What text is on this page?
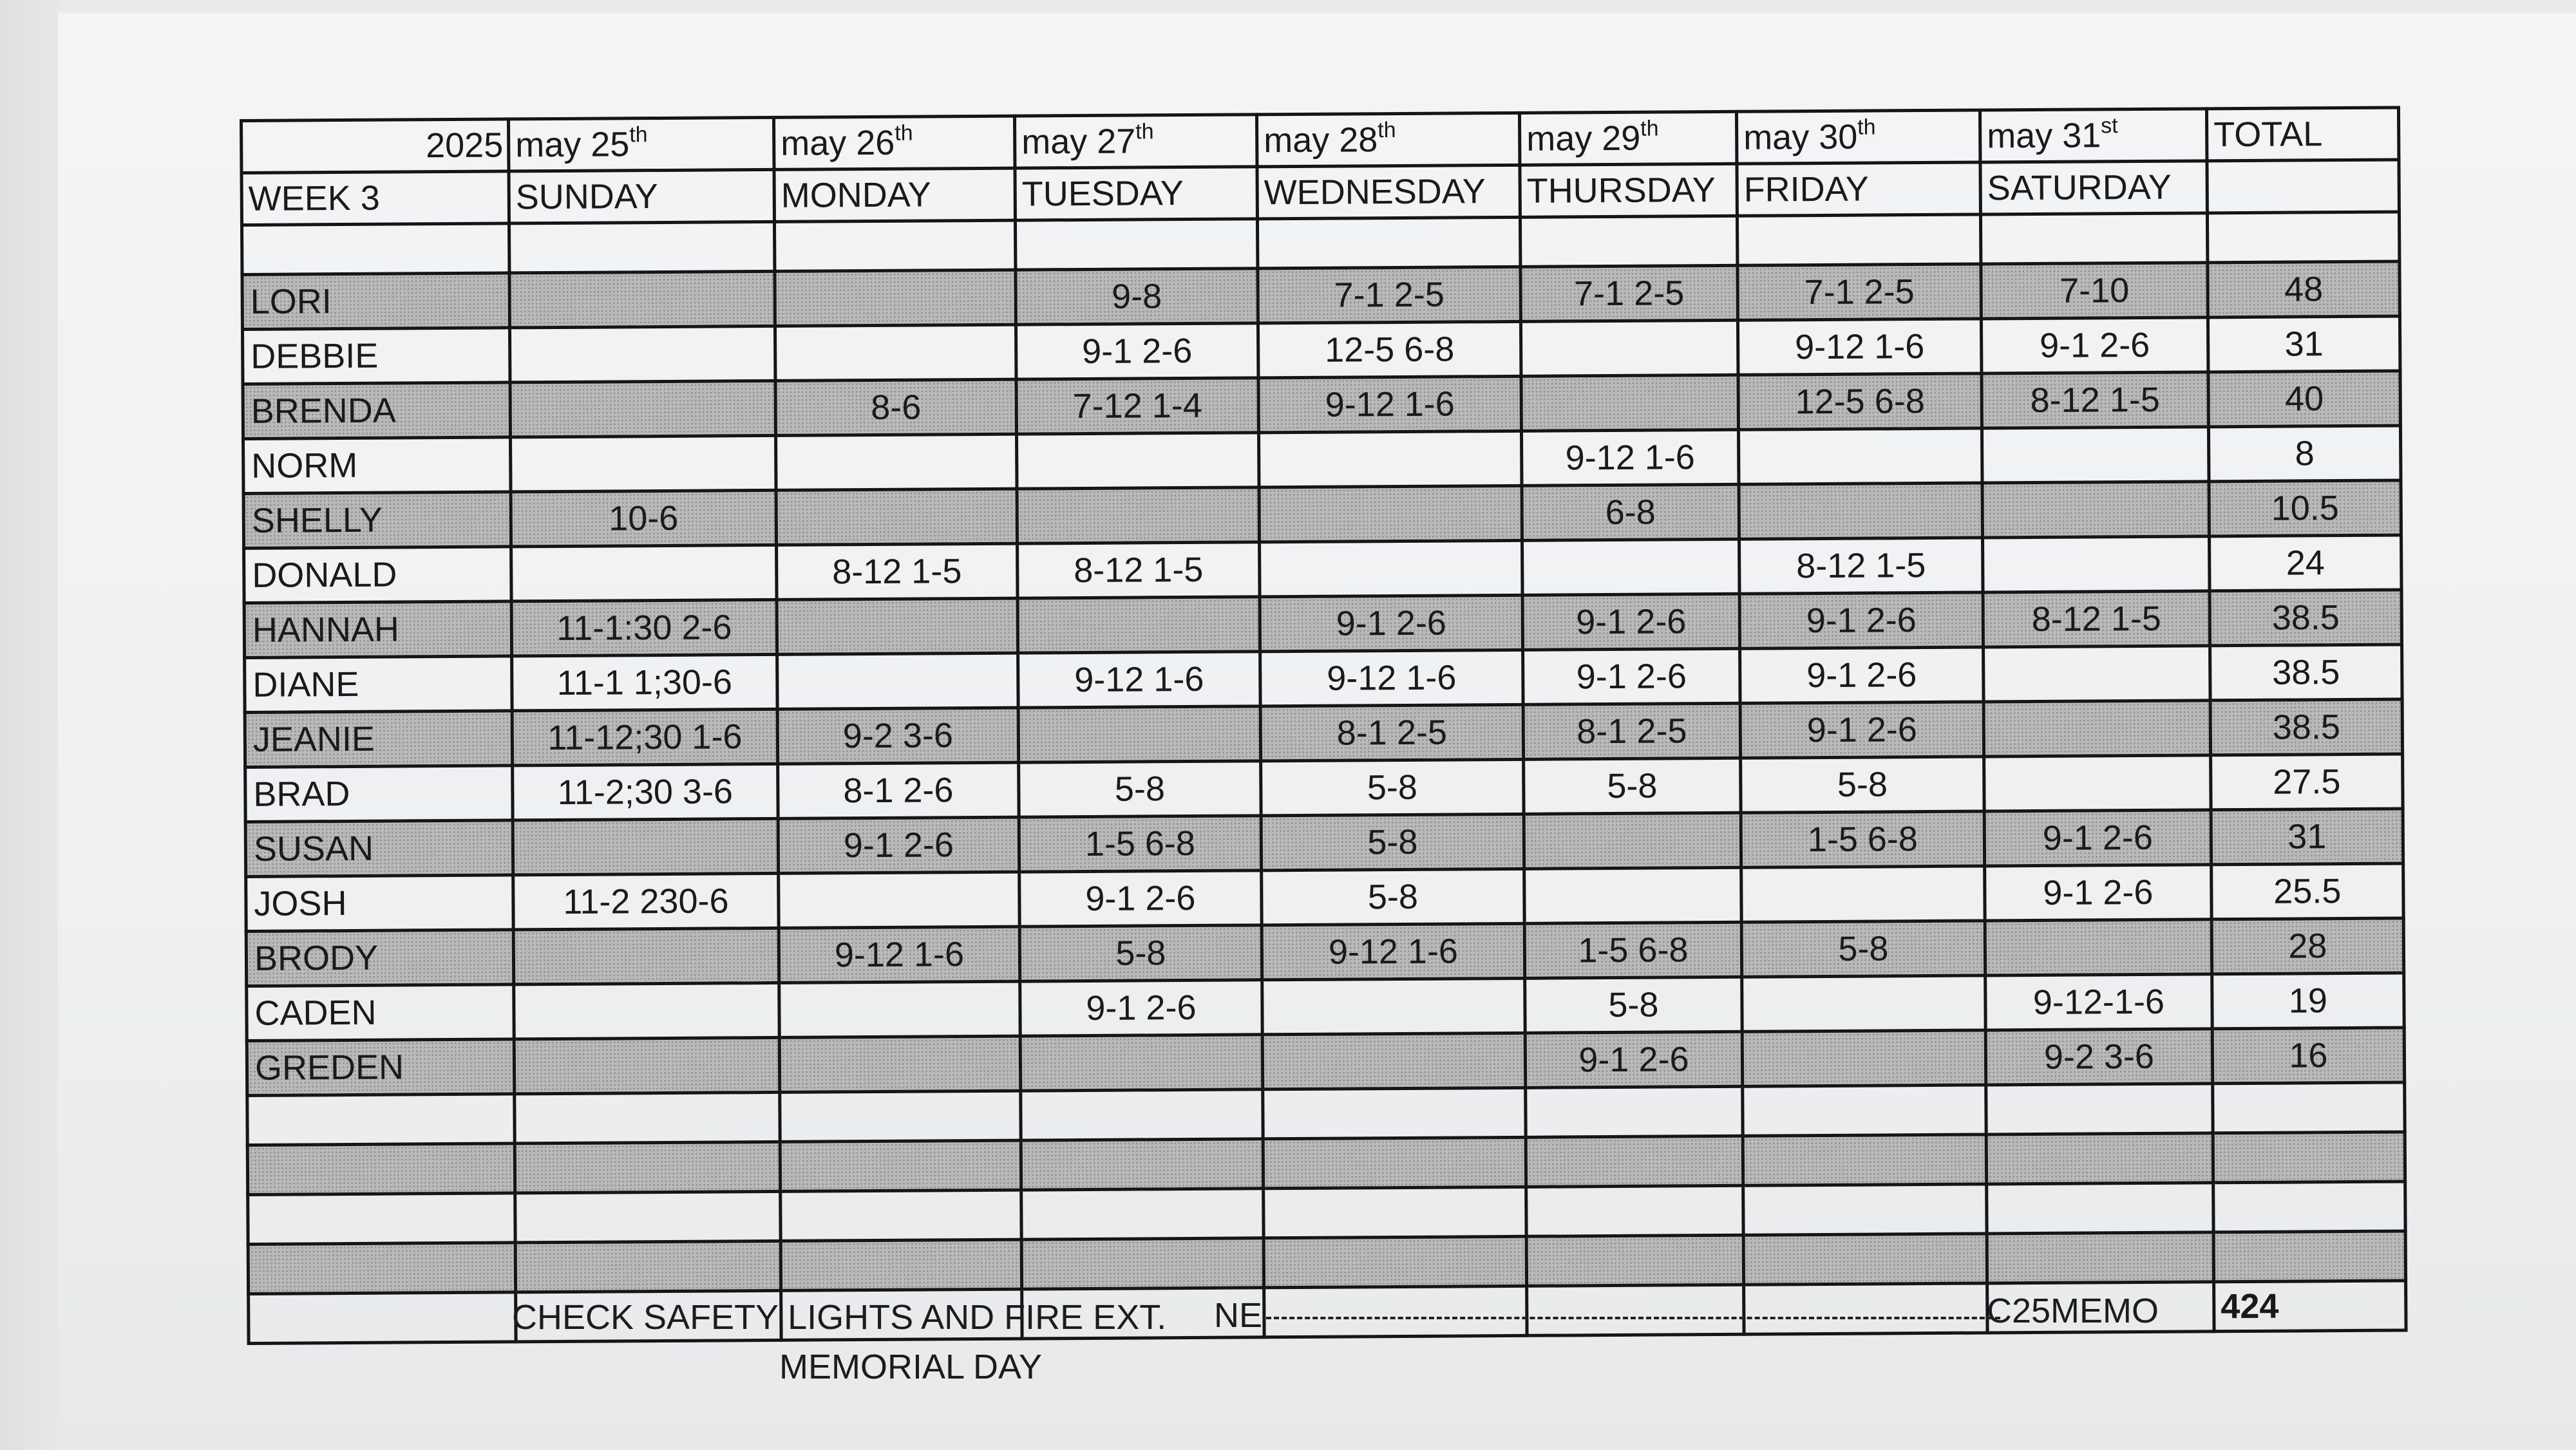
2025	may 25th	may 26th	may 27th	may 28th	may 29th	may 30th	may 31st	TOTAL
WEEK 3	SUNDAY	MONDAY	TUESDAY	WEDNESDAY	THURSDAY	FRIDAY	SATURDAY	

LORI			9-8	7-1 2-5	7-1 2-5	7-1 2-5	7-10	48
DEBBIE			9-1 2-6	12-5 6-8		9-12 1-6	9-1 2-6	31
BRENDA		8-6	7-12 1-4	9-12 1-6		12-5 6-8	8-12 1-5	40
NORM					9-12 1-6			8
SHELLY	10-6				6-8			10.5
DONALD		8-12 1-5	8-12 1-5			8-12 1-5		24
HANNAH	11-1:30 2-6			9-1 2-6	9-1 2-6	9-1 2-6	8-12 1-5	38.5
DIANE	11-1 1;30-6		9-12 1-6	9-12 1-6	9-1 2-6	9-1 2-6		38.5
JEANIE	11-12;30 1-6	9-2 3-6		8-1 2-5	8-1 2-5	9-1 2-6		38.5
BRAD	11-2;30 3-6	8-1 2-6	5-8	5-8	5-8	5-8		27.5
SUSAN		9-1 2-6	1-5 6-8	5-8		1-5 6-8	9-1 2-6	31
JOSH	11-2 230-6		9-1 2-6	5-8			9-1 2-6	25.5
BRODY		9-12 1-6	5-8	9-12 1-6	1-5 6-8	5-8		28
CADEN			9-1 2-6		5-8		9-12-1-6	19
GREDEN					9-1 2-6		9-2 3-6	16

								424
CHECK SAFETY LIGHTS AND FIRE EXT.
MEMORIAL DAY
NE	C25MEMO
